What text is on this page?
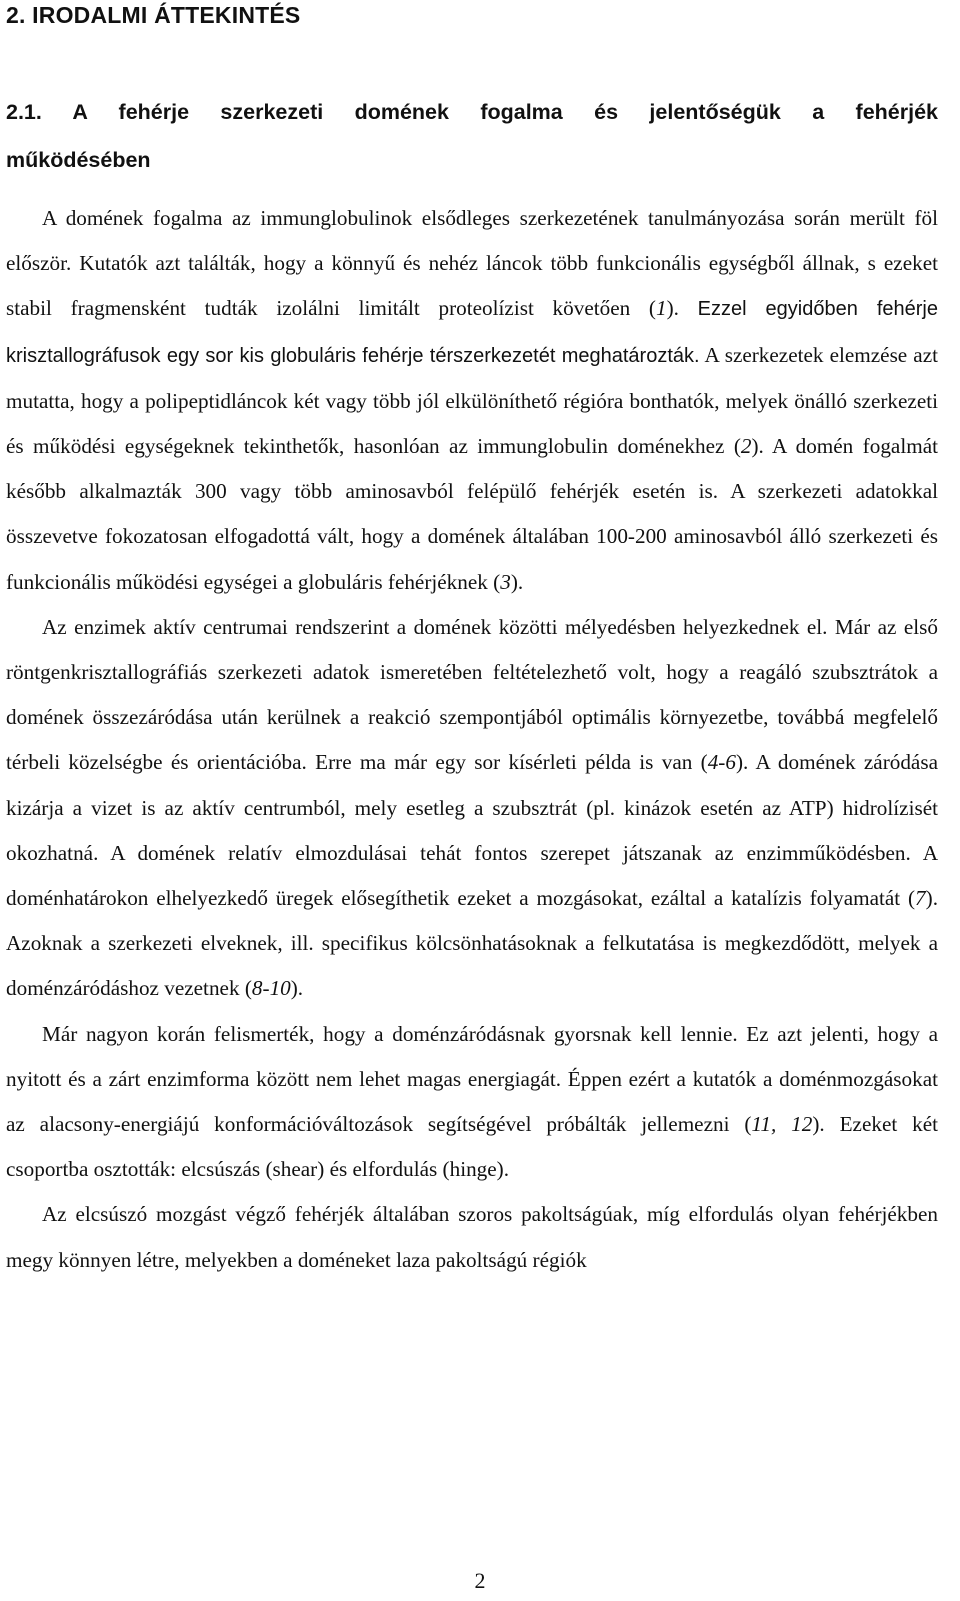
2. IRODALMI ÁTTEKINTÉS
2.1. A fehérje szerkezeti domének fogalma és jelentőségük a fehérjék
működésében

A domének fogalma az immunglobulinok elsődleges szerkezetének tanulmányozása során merült föl először. Kutatók azt találták, hogy a könnyű és nehéz láncok több funkcionális egységből állnak, s ezeket stabil fragmensként tudták izolálni limitált proteolízist követően (1). Ezzel egyidőben fehérje krisztallográfusok egy sor kis globuláris fehérje térszerkezetét meghatározták. A szerkezetek elemzése azt mutatta, hogy a polipeptidláncok két vagy több jól elkülöníthető régióra bonthatók, melyek önálló szerkezeti és működési egységeknek tekinthetők, hasonlóan az immunglobulin doménekhez (2). A domén fogalmát később alkalmazták 300 vagy több aminosavból felépülő fehérjék esetén is. A szerkezeti adatokkal összevetve fokozatosan elfogadottá vált, hogy a domének általában 100-200 aminosavból álló szerkezeti és funkcionális működési egységei a globuláris fehérjéknek (3).

Az enzimek aktív centrumai rendszerint a domének közötti mélyedésben helyezkednek el. Már az első röntgenkrisztallográfiás szerkezeti adatok ismeretében feltételezhető volt, hogy a reagáló szubsztrátok a domének összezáródása után kerülnek a reakció szempontjából optimális környezetbe, továbbá megfelelő térbeli közelségbe és orientációba. Erre ma már egy sor kísérleti példa is van (4-6). A domének záródása kizárja a vizet is az aktív centrumból, mely esetleg a szubsztrát (pl. kinázok esetén az ATP) hidrolízisét okozhatná. A domének relatív elmozdulásai tehát fontos szerepet játszanak az enzimműködésben. A doménhatárokon elhelyezkedő üregek elősegíthetik ezeket a mozgásokat, ezáltal a katalízis folyamatát (7). Azoknak a szerkezeti elveknek, ill. specifikus kölcsönhatásoknak a felkutatása is megkezdődött, melyek a doménzáródáshoz vezetnek (8-10).

Már nagyon korán felismerték, hogy a doménzáródásnak gyorsnak kell lennie. Ez azt jelenti, hogy a nyitott és a zárt enzimforma között nem lehet magas energiagát. Éppen ezért a kutatók a doménmozgásokat az alacsony-energiájú konformációváltozások segítségével próbálták jellemezni (11, 12). Ezeket két csoportba osztották: elcsúszás (shear) és elfordulás (hinge).

Az elcsúszó mozgást végző fehérjék általában szoros pakoltságúak, míg elfordulás olyan fehérjékben megy könnyen létre, melyekben a doméneket laza pakoltságú régiók

2
